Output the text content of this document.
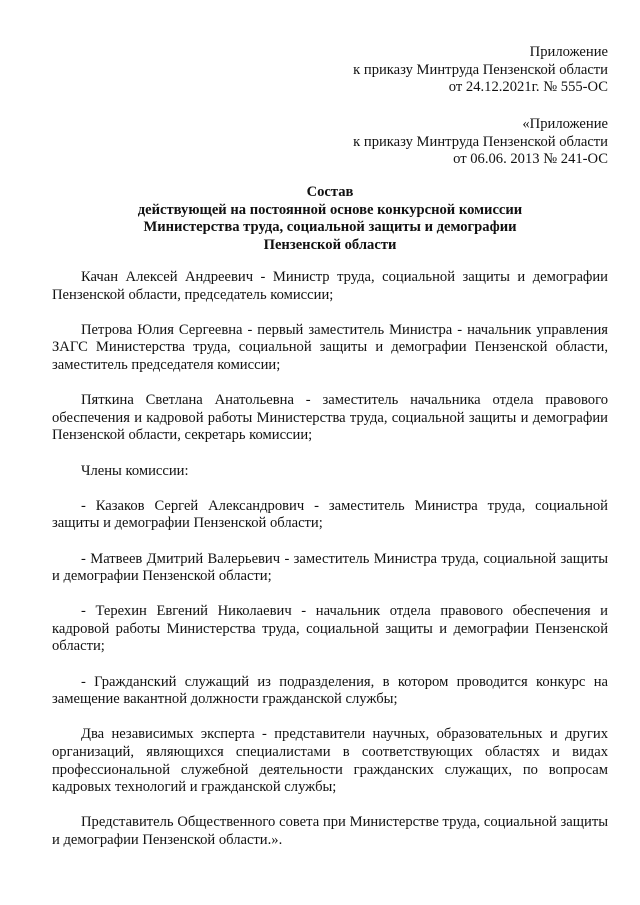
Приложение
к приказу Минтруда Пензенской области
от 24.12.2021г. № 555-ОС
«Приложение
к приказу Минтруда Пензенской области
от 06.06. 2013 № 241-ОС
Состав
действующей на постоянной основе конкурсной комиссии
Министерства труда, социальной защиты и демографии
Пензенской области

Качан Алексей Андреевич - Министр труда, социальной защиты и демографии Пензенской области, председатель комиссии;

Петрова Юлия Сергеевна - первый заместитель Министра - начальник управления ЗАГС Министерства труда, социальной защиты и демографии Пензенской области, заместитель председателя комиссии;

Пяткина Светлана Анатольевна - заместитель начальника отдела правового обеспечения и кадровой работы Министерства труда, социальной защиты и демографии Пензенской области, секретарь комиссии;

Члены комиссии:

- Казаков Сергей Александрович - заместитель Министра труда, социальной защиты и демографии Пензенской области;

- Матвеев Дмитрий Валерьевич - заместитель Министра труда, социальной защиты и демографии Пензенской области;

- Терехин Евгений Николаевич - начальник отдела правового обеспечения и кадровой работы Министерства труда, социальной защиты и демографии Пензенской области;

- Гражданский служащий из подразделения, в котором проводится конкурс на замещение вакантной должности гражданской службы;

Два независимых эксперта - представители научных, образовательных и других организаций, являющихся специалистами в соответствующих областях и видах профессиональной служебной деятельности гражданских служащих, по вопросам кадровых технологий и гражданской службы;

Представитель Общественного совета при Министерстве труда, социальной защиты и демографии Пензенской области.».
